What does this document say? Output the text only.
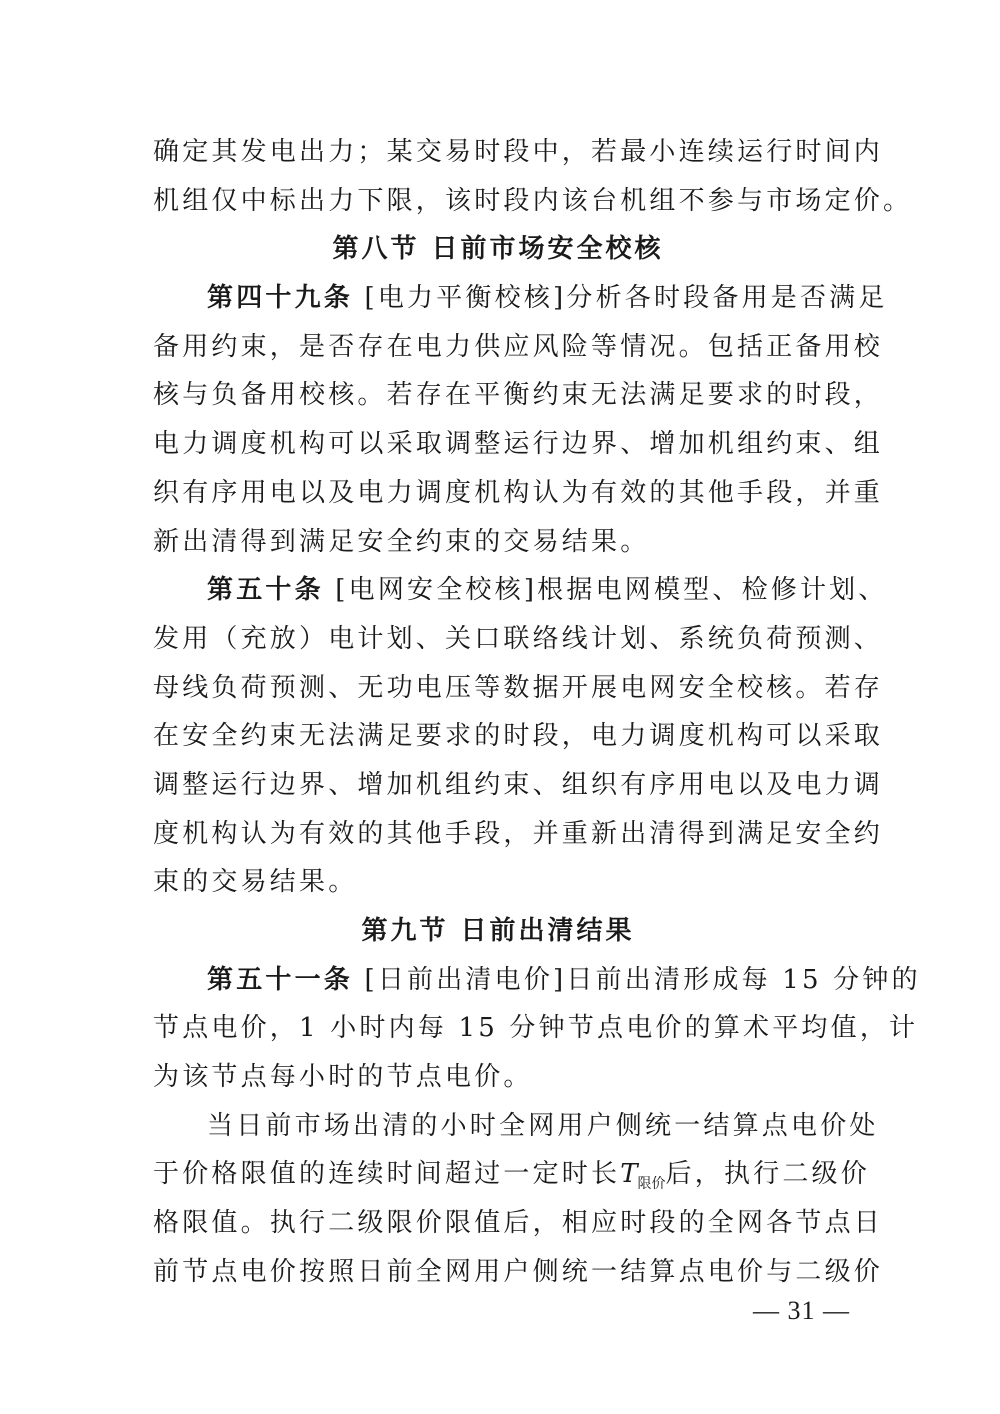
确定其发电出力；某交易时段中，若最小连续运行时间内
机组仅中标出力下限，该时段内该台机组不参与市场定价。
第八节 日前市场安全校核
第四十九条 [电力平衡校核]分析各时段备用是否满足
备用约束，是否存在电力供应风险等情况。包括正备用校
核与负备用校核。若存在平衡约束无法满足要求的时段，
电力调度机构可以采取调整运行边界、增加机组约束、组
织有序用电以及电力调度机构认为有效的其他手段，并重
新出清得到满足安全约束的交易结果。
第五十条 [电网安全校核]根据电网模型、检修计划、
发用（充放）电计划、关口联络线计划、系统负荷预测、
母线负荷预测、无功电压等数据开展电网安全校核。若存
在安全约束无法满足要求的时段，电力调度机构可以采取
调整运行边界、增加机组约束、组织有序用电以及电力调
度机构认为有效的其他手段，并重新出清得到满足安全约
束的交易结果。
第九节 日前出清结果
第五十一条 [日前出清电价]日前出清形成每 15 分钟的
节点电价，1 小时内每 15 分钟节点电价的算术平均值，计
为该节点每小时的节点电价。
当日前市场出清的小时全网用户侧统一结算点电价处
于价格限值的连续时间超过一定时长$T_{限价}$后，执行二级价
格限值。执行二级限价限值后，相应时段的全网各节点日
前节点电价按照日前全网用户侧统一结算点电价与二级价
— 31 —
